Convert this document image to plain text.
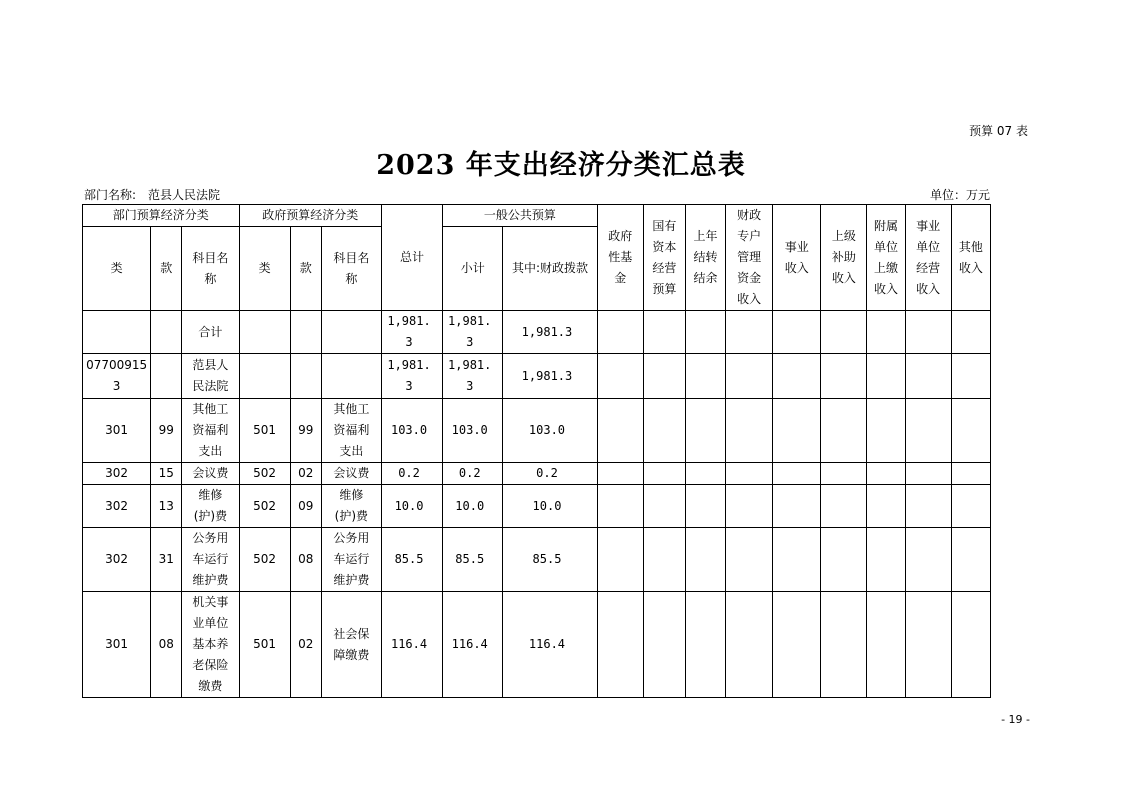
预算 07 表
2023 年支出经济分类汇总表
部门名称: 范县人民法院	单位：万元
部门预算经济分类			政府预算经济分类			总计	一般公共预算		政府性基金	国有资本经营预算	上年结转结余	财政专户管理资金收入	事业收入	上级补助收入	附属单位上缴收入	事业单位经营收入	其他收入
类	款	科目名称	类	款	科目名称		小计	其中:财政拨款									
		合计				1,981.3	1,981.3	1,981.3									
077009153		范县人民法院				1,981.3	1,981.3	1,981.3									
301	99	其他工资福利支出	501	99	其他工资福利支出	103.0	103.0	103.0									
302	15	会议费	502	02	会议费	0.2	0.2	0.2									
302	13	维修(护)费	502	09	维修(护)费	10.0	10.0	10.0									
302	31	公务用车运行维护费	502	08	公务用车运行维护费	85.5	85.5	85.5									
301	08	机关事业单位基本养老保险缴费	501	02	社会保障缴费	116.4	116.4	116.4									
- 19 -
